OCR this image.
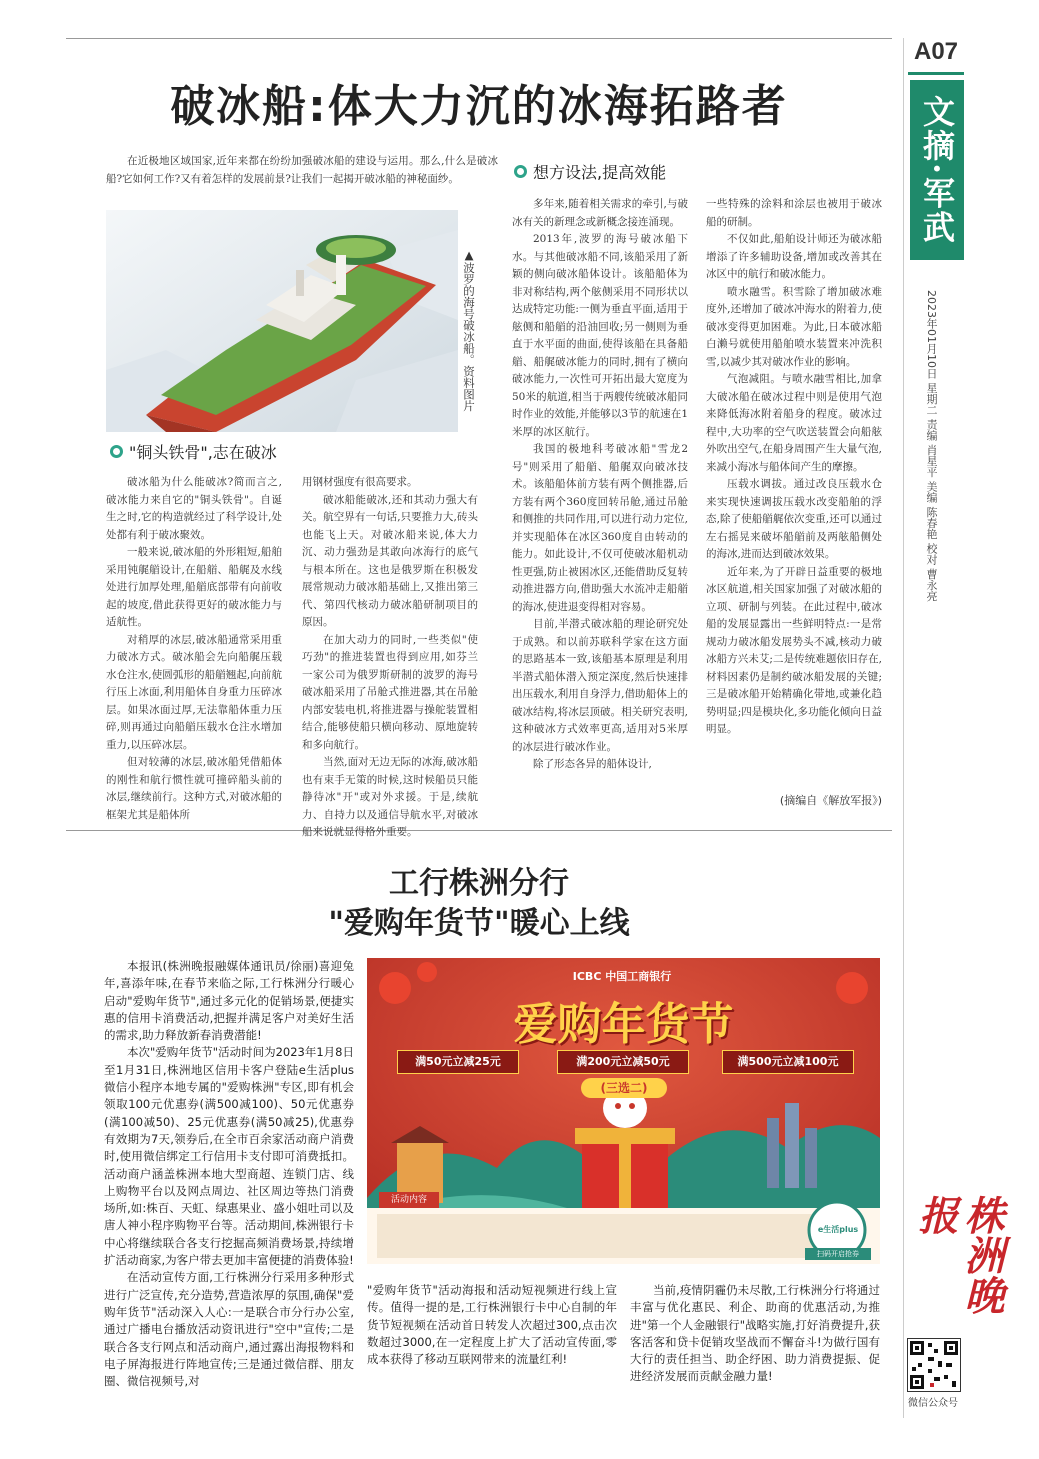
A07
文摘·军武
2023年01月10日 星期二 责编 肖星平 美编 陈春艳 校对 曹永亮
株洲晚报
微信公众号
破冰船:体大力沉的冰海拓路者

在近极地区域国家,近年来都在纷纷加强破冰船的建设与运用。那么,什么是破冰船?它如何工作?又有着怎样的发展前景?让我们一起揭开破冰船的神秘面纱。

▲波罗的海号破冰船。资料图片
"铜头铁骨",志在破冰

破冰船为什么能破冰?简而言之,破冰能力来自它的"铜头铁骨"。自诞生之时,它的构造就经过了科学设计,处处都有利于破冰聚效。

一般来说,破冰船的外形粗短,船舶采用钝艉艏设计,在船艏、船艉及水线处进行加厚处理,船艏底部带有向前收起的坡度,借此获得更好的破冰能力与适航性。

对稍厚的冰层,破冰船通常采用重力破冰方式。破冰船会先向船艉压载水仓注水,使圆弧形的船艏翘起,向前航行压上冰面,利用船体自身重力压碎冰层。如果冰面过厚,无法靠船体重力压碎,则再通过向船艏压载水仓注水增加重力,以压碎冰层。

但对较薄的冰层,破冰船凭借船体的刚性和航行惯性就可撞碎船头前的冰层,继续前行。这种方式,对破冰船的框架尤其是船体所

用钢材强度有很高要求。

破冰船能破冰,还和其动力强大有关。航空界有一句话,只要推力大,砖头也能飞上天。对破冰船来说,体大力沉、动力强劲是其敢向冰海行的底气与根本所在。这也是俄罗斯在积极发展常规动力破冰船基础上,又推出第三代、第四代核动力破冰船研制项目的原因。

在加大动力的同时,一些类似"使巧劲"的推进装置也得到应用,如芬兰一家公司为俄罗斯研制的波罗的海号破冰船采用了吊舱式推进器,其在吊舱内部安装电机,将推进器与操舵装置相结合,能够使船只横向移动、原地旋转和多向航行。

当然,面对无边无际的冰海,破冰船也有束手无策的时候,这时候船员只能静待冰"开"或对外求援。于是,续航力、自持力以及通信导航水平,对破冰船来说就显得格外重要。

想方设法,提高效能

多年来,随着相关需求的牵引,与破冰有关的新理念或新概念接连涌现。

2013年,波罗的海号破冰船下水。与其他破冰船不同,该船采用了新颖的侧向破冰船体设计。该船船体为非对称结构,两个舷侧采用不同形状以达成特定功能:一侧为垂直平面,适用于舷侧和船艏的沿油回收;另一侧则为垂直于水平面的曲面,使得该船在具备船艏、船艉破冰能力的同时,拥有了横向破冰能力,一次性可开拓出最大宽度为50米的航道,相当于两艘传统破冰船同时作业的效能,并能够以3节的航速在1米厚的冰区航行。

我国的极地科考破冰船"雪龙2号"则采用了船艏、船艉双向破冰技术。该船船体前方装有两个侧推器,后方装有两个360度回转吊舱,通过吊舱和侧推的共同作用,可以进行动力定位,并实现船体在冰区360度自由转动的能力。如此设计,不仅可使破冰船机动性更强,防止被困冰区,还能借助反复转动推进器方向,借助强大水流冲走船艏的海冰,使进退变得相对容易。

目前,半潜式破冰船的理论研究处于成熟。和以前苏联科学家在这方面的思路基本一致,该船基本原理是利用半潜式船体潜入预定深度,然后快速排出压载水,利用自身浮力,借助船体上的破冰结构,将冰层顶破。相关研究表明,这种破冰方式效率更高,适用对5米厚的冰层进行破冰作业。

除了形态各异的船体设计,

一些特殊的涂料和涂层也被用于破冰船的研制。

不仅如此,船舶设计师还为破冰船增添了许多辅助设备,增加或改善其在冰区中的航行和破冰能力。

喷水融雪。积雪除了增加破冰难度外,还增加了破冰冲海水的附着力,使破冰变得更加困难。为此,日本破冰船白濑号就使用船舶喷水装置来冲洗积雪,以减少其对破冰作业的影响。

气泡减阻。与喷水融雪相比,加拿大破冰船在破冰过程中则是使用气泡来降低海冰附着船身的程度。破冰过程中,大功率的空气吹送装置会向船舷外吹出空气,在船身周围产生大量气泡,来减小海冰与船体间产生的摩擦。

压载水调拔。通过改良压载水仓来实现快速调拔压载水改变船舶的浮态,除了使船艏艉依次变重,还可以通过左右摇晃来破坏船艏前及两舷船侧处的海冰,进而达到破冰效果。

近年来,为了开辟日益重要的极地冰区航道,相关国家加强了对破冰船的立项、研制与列装。在此过程中,破冰船的发展显露出一些鲜明特点:一是常规动力破冰船发展势头不减,核动力破冰船方兴未艾;二是传统难题依旧存在,材料因素仍是制约破冰船发展的关键;三是破冰船开始精确化带地,或兼化趋势明显;四是模块化,多功能化倾向日益明显。

(摘编自《解放军报》)
工行株洲分行
"爱购年货节"暖心上线

本报讯(株洲晚报融媒体通讯员/徐丽)喜迎兔年,喜添年味,在春节来临之际,工行株洲分行暖心启动"爱购年货节",通过多元化的促销场景,便捷实惠的信用卡消费活动,把握并满足客户对美好生活的需求,助力释放新春消费潜能!

本次"爱购年货节"活动时间为2023年1月8日至1月31日,株洲地区信用卡客户登陆e生活plus微信小程序本地专属的"爱购株洲"专区,即有机会领取100元优惠券(满500减100)、50元优惠券(满100减50)、25元优惠券(满50减25),优惠券有效期为7天,领券后,在全市百余家活动商户消费时,使用微信绑定工行信用卡支付即可消费抵扣。活动商户涵盖株洲本地大型商超、连锁门店、线上购物平台以及网点周边、社区周边等热门消费场所,如:株百、天虹、绿惠果业、盛小姐吐司以及唐人神小程序购物平台等。活动期间,株洲银行卡中心将继续联合各支行挖掘高频消费场景,持续增扩活动商家,为客户带去更加丰富便捷的消费体验!

在活动宣传方面,工行株洲分行采用多种形式进行广泛宣传,充分造势,营造浓厚的氛围,确保"爱购年货节"活动深入人心:一是联合市分行办公室,通过广播电台播放活动资讯进行"空中"宣传;二是联合各支行网点和活动商户,通过露出海报物料和电子屏海报进行阵地宣传;三是通过微信群、朋友圈、微信视频号,对

ICBC 中国工商银行
爱购年货节
满50元立减25元	满200元立减50元	满500元立减100元
(三选二)
活动内容
e生活plus
扫码开启抢券

"爱购年货节"活动海报和活动短视频进行线上宣传。值得一提的是,工行株洲银行卡中心自制的年货节短视频在活动首日转发人次超过300,点击次数超过3000,在一定程度上扩大了活动宣传面,零成本获得了移动互联网带来的流量红利!

当前,疫情阴霾仍未尽散,工行株洲分行将通过丰富与优化惠民、利企、助商的优惠活动,为推进"第一个人金融银行"战略实施,打好消费提升,获客活客和贷卡促销攻坚战而不懈奋斗!为做行国有大行的责任担当、助企纾困、助力消费提振、促进经济发展而贡献金融力量!
